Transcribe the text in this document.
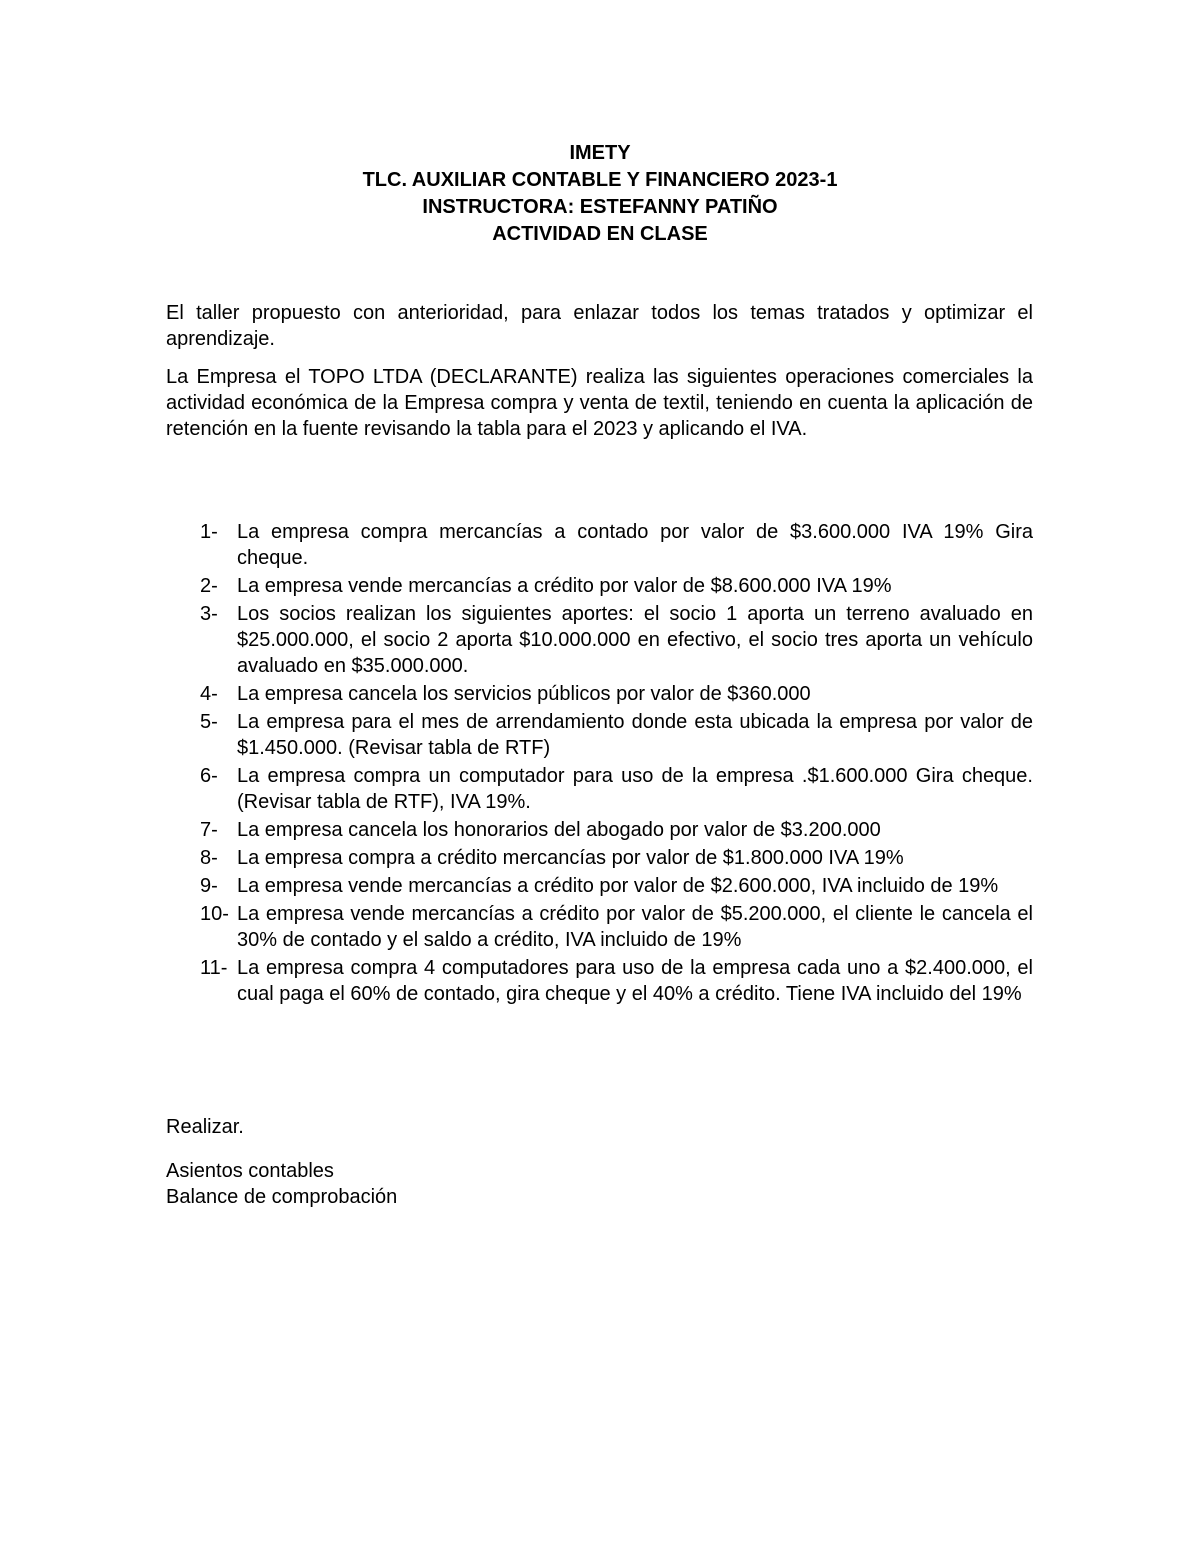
IMETY
TLC. AUXILIAR CONTABLE Y FINANCIERO 2023-1
INSTRUCTORA: ESTEFANNY PATIÑO
ACTIVIDAD EN CLASE

El taller propuesto con anterioridad, para enlazar todos los temas tratados y optimizar el aprendizaje.

La Empresa el TOPO LTDA (DECLARANTE) realiza las siguientes operaciones comerciales la actividad económica de la Empresa compra y venta de textil, teniendo en cuenta la aplicación de retención en la fuente revisando la tabla para el 2023 y aplicando el IVA.

1- La empresa compra mercancías a contado por valor de $3.600.000 IVA 19% Gira cheque.
2- La empresa vende mercancías a crédito por valor de $8.600.000 IVA 19%
3- Los socios realizan los siguientes aportes: el socio 1 aporta un terreno avaluado en $25.000.000, el socio 2 aporta $10.000.000 en efectivo, el socio tres aporta un vehículo avaluado en $35.000.000.
4- La empresa cancela los servicios públicos por valor de $360.000
5- La empresa para el mes de arrendamiento donde esta ubicada la empresa por valor de $1.450.000. (Revisar tabla de RTF)
6- La empresa compra un computador para uso de la empresa .$1.600.000 Gira cheque. (Revisar tabla de RTF), IVA 19%.
7- La empresa cancela los honorarios del abogado por valor de $3.200.000
8- La empresa compra a crédito mercancías por valor de $1.800.000 IVA 19%
9- La empresa vende mercancías a crédito por valor de $2.600.000, IVA incluido de 19%
10- La empresa vende mercancías a crédito por valor de $5.200.000, el cliente le cancela el 30% de contado y el saldo a crédito, IVA incluido de 19%
11- La empresa compra 4 computadores para uso de la empresa cada uno a $2.400.000, el cual paga el 60% de contado, gira cheque y el 40% a crédito. Tiene IVA incluido del 19%

Realizar.

Asientos contables

Balance de comprobación
